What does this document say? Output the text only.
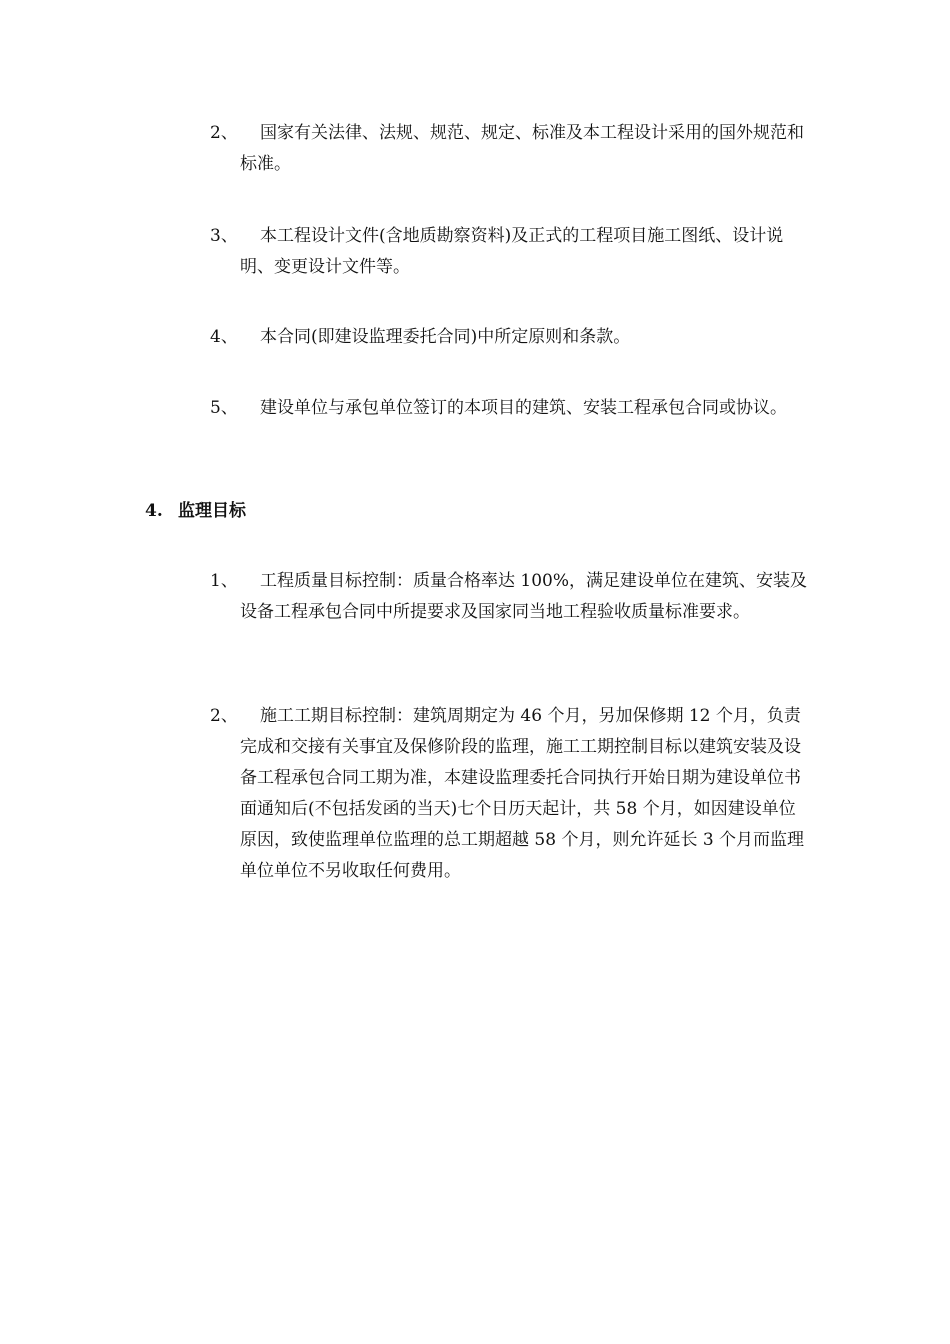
2、	国家有关法律、法规、规范、规定、标准及本工程设计采用的国外规范和标准。
3、	本工程设计文件(含地质勘察资料)及正式的工程项目施工图纸、设计说明、变更设计文件等。
4、	本合同(即建设监理委托合同)中所定原则和条款。
5、	建设单位与承包单位签订的本项目的建筑、安装工程承包合同或协议。
4. 监理目标
1、	工程质量目标控制：质量合格率达 100%，满足建设单位在建筑、安装及设备工程承包合同中所提要求及国家同当地工程验收质量标准要求。
2、	施工工期目标控制：建筑周期定为 46 个月，另加保修期 12 个月，负责完成和交接有关事宜及保修阶段的监理，施工工期控制目标以建筑安装及设备工程承包合同工期为准，本建设监理委托合同执行开始日期为建设单位书面通知后(不包括发函的当天)七个日历天起计，共 58 个月，如因建设单位原因，致使监理单位监理的总工期超越 58 个月，则允许延长 3 个月而监理单位单位不另收取任何费用。
